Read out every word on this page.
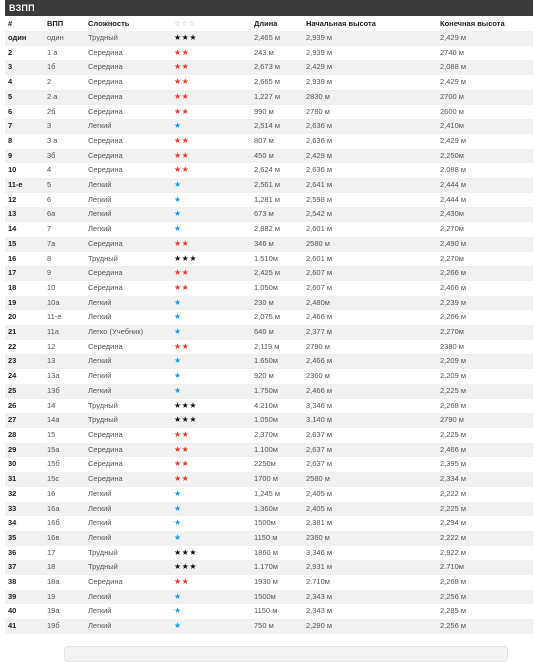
ВЗПП
#	ВПП	Сложность	☆☆☆	Длина	Начальная высота	Конечная высота
один	один	Трудный	★★★	2,465 м	2,939 м	2,429 м
2	1 а	Середина	★★	243 м	2,939 м	2740 м
3	1б	Середина	★★	2,673 м	2,429 м	2,088 м
4	2	Середина	★★	2,665 м	2,939 м	2,429 м
5	2 а	Середина	★★	1,227 м	2830 м	2700 м
6	2б	Середина	★★	990 м	2780 м	2600 м
7	3	Легкий	★	2,514 м	2,636 м	2,410м
8	3 а	Середина	★★	807 м	2,636 м	2,429 м
9	3б	Середина	★★	450 м	2,429 м	2,250м
10	4	Середина	★★	2,624 м	2,636 м	2,088 м
11-е	5	Легкий	★	2,561 м	2,641 м	2,444 м
12	6	Легкий	★	1,281 м	2,598 м	2,444 м
13	6а	Легкий	★	673 м	2,542 м	2,430м
14	7	Легкий	★	2,882 м	2,601 м	2,270м
15	7а	Середина	★★	346 м	2580 м	2,490 м
16	8	Трудный	★★★	1.510м	2,601 м	2,270м
17	9	Середина	★★	2,425 м	2,607 м	2,266 м
18	10	Середина	★★	1.050м	2,607 м	2,466 м
19	10а	Легкий	★	230 м	2,480м	2,239 м
20	11-е	Легкий	★	2,075 м	2,466 м	2,266 м
21	11а	Легко (Учебник)	★	640 м	2,377 м	2,270м
22	12	Середина	★★	2,119 м	2790 м	2380 м
23	13	Легкий	★	1.650м	2,466 м	2,209 м
24	13а	Легкий	★	920 м	2360 м	2,209 м
25	13б	Легкий	★	1.750м	2,466 м	2,225 м
26	14	Трудный	★★★	4.210м	3,346 м	2,268 м
27	14а	Трудный	★★★	1.050м	3.140 м	2790 м
28	15	Середина	★★	2.370м	2,637 м	2,225 м
29	15а	Середина	★★	1.100м	2,637 м	2,466 м
30	15б	Середина	★★	2250м	2,637 м	2,395 м
31	15с	Середина	★★	1700 м	2580 м	2,334 м
32	16	Легкий	★	1,245 м	2,405 м	2,222 м
33	16а	Легкий	★	1.360м	2,405 м	2,225 м
34	16б	Легкий	★	1500м	2,381 м	2,294 м
35	16в	Легкий	★	1150 м	2360 м	2,222 м
36	17	Трудный	★★★	1860 м	3,346 м	2,922 м
37	18	Трудный	★★★	1.170м	2,931 м	2.710м
38	18а	Середина	★★	1930 м	2.710м	2,268 м
39	19	Легкий	★	1500м	2,343 м	2,256 м
40	19а	Легкий	★	1150 м	2,343 м	2,285 м
41	19б	Легкий	★	750 м	2,290 м	2,256 м
